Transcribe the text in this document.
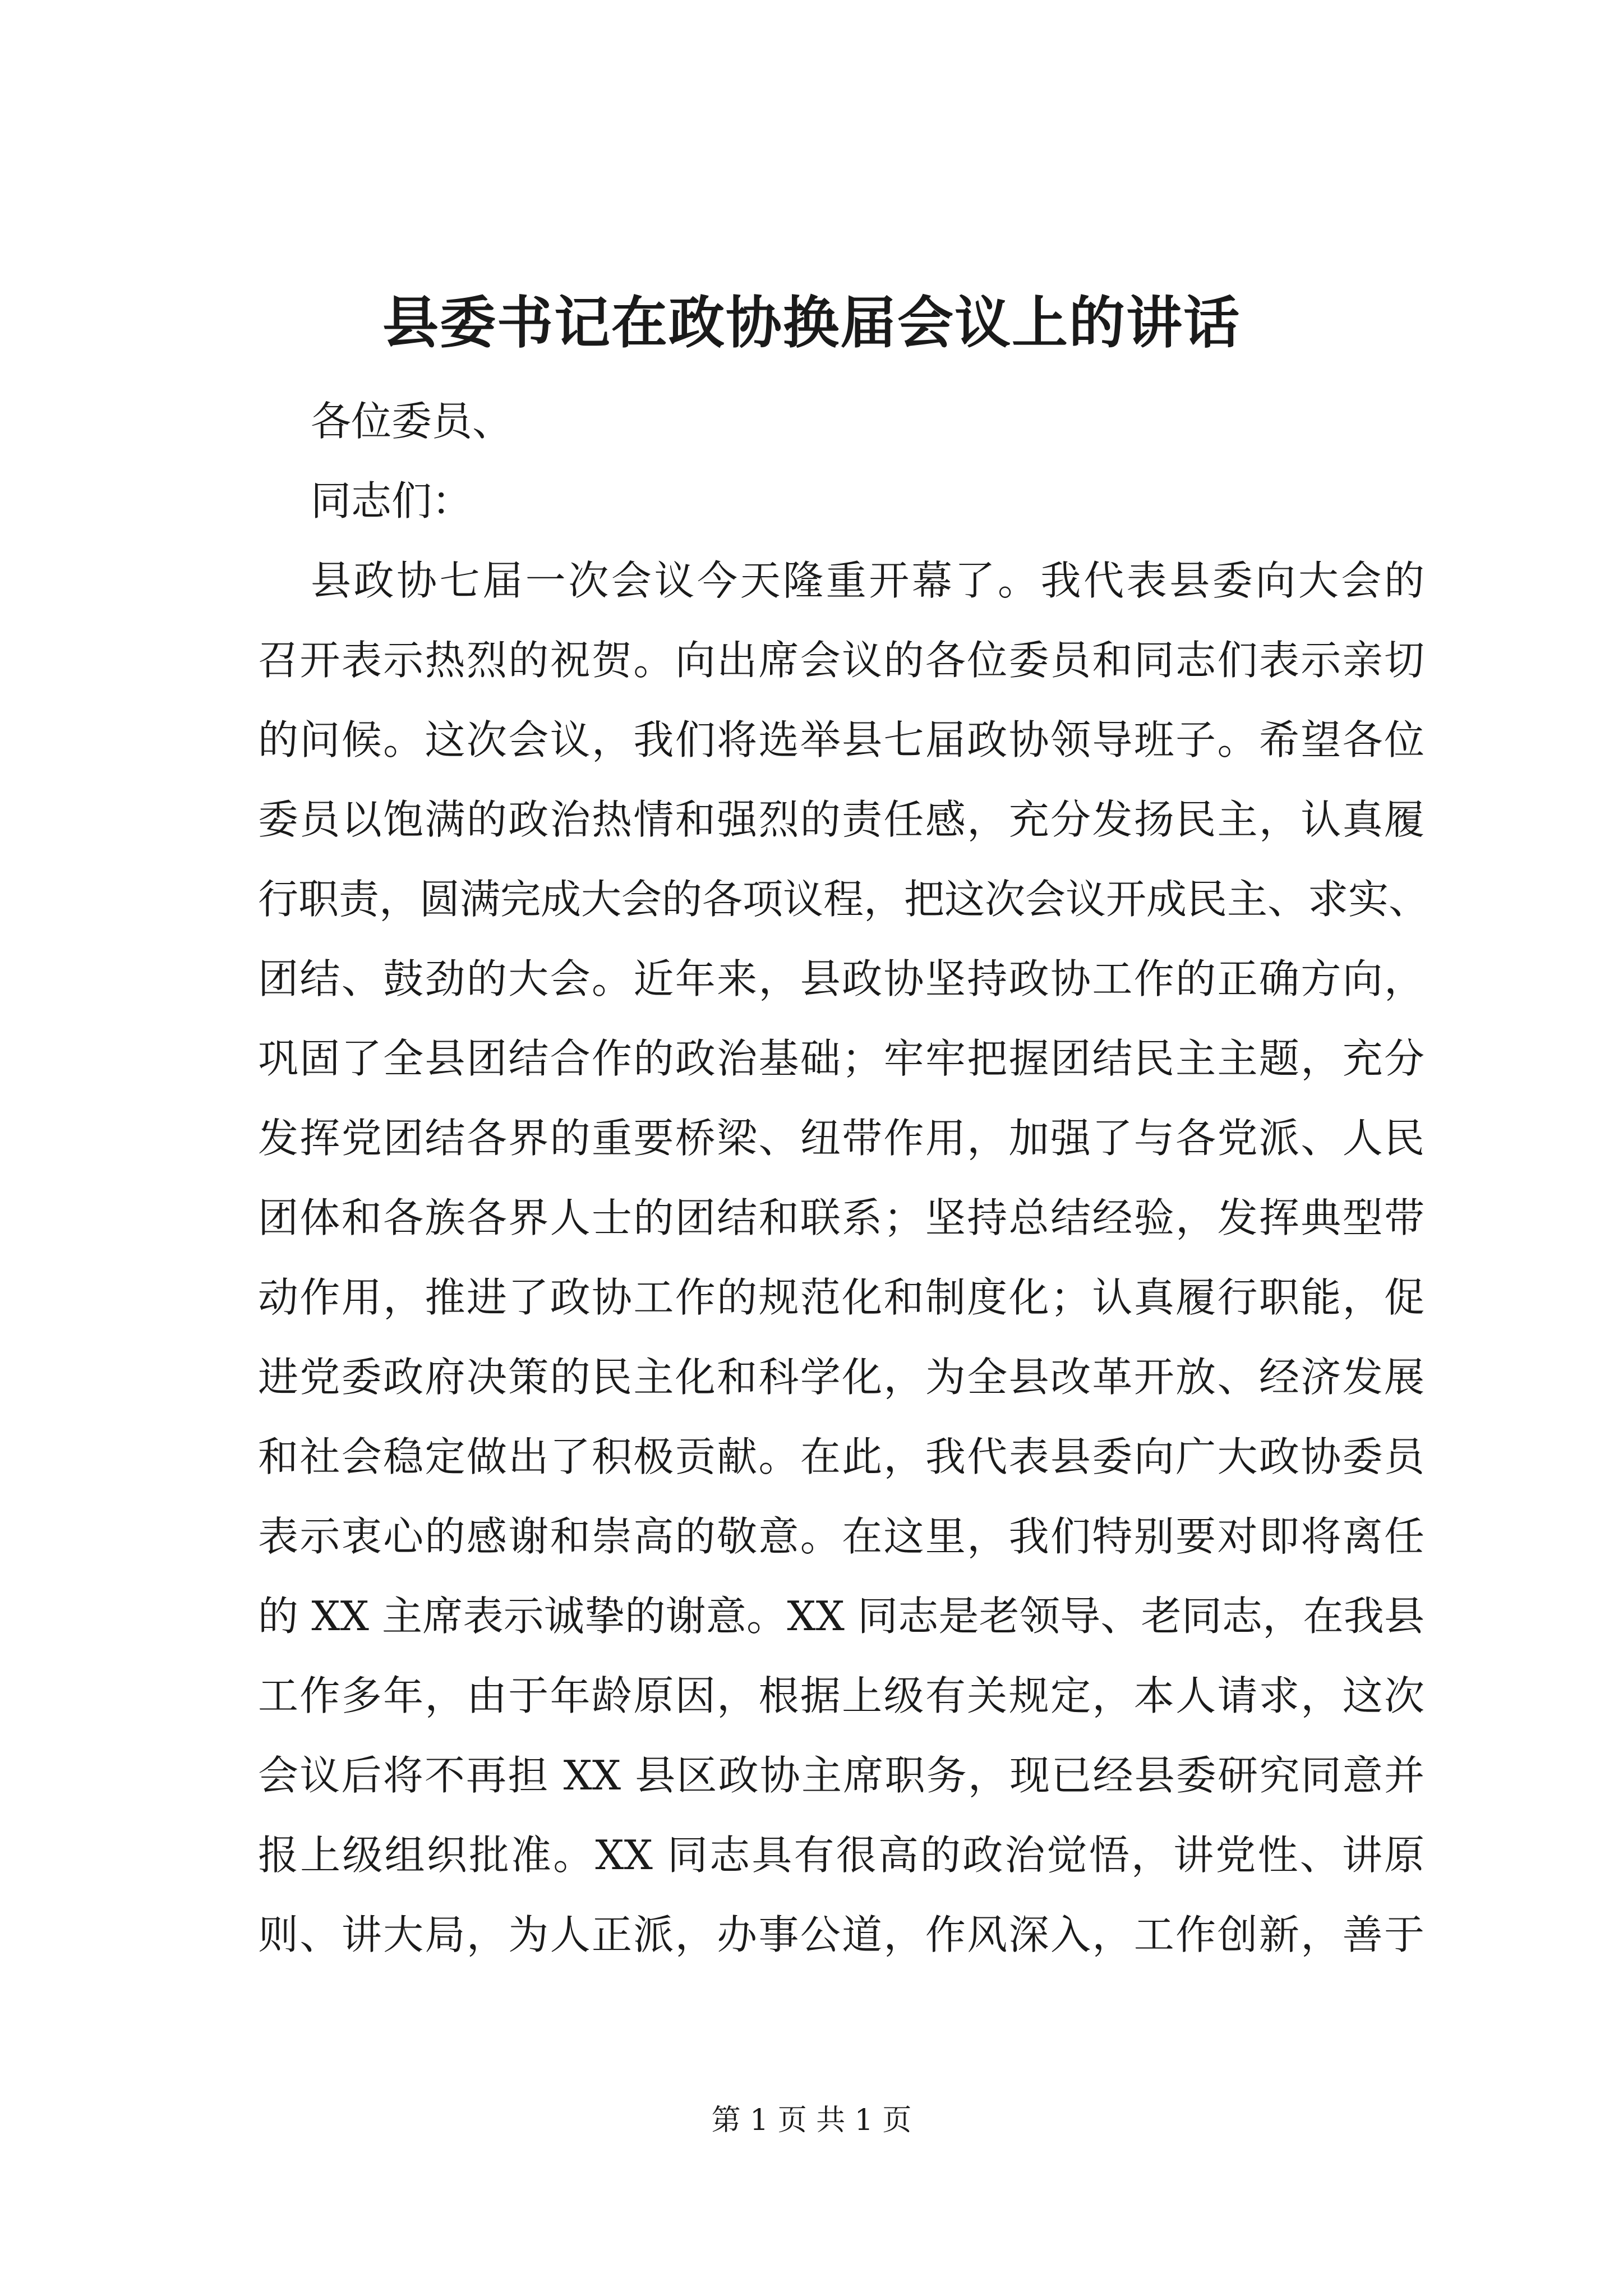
县委书记在政协换届会议上的讲话
各位委员、
同志们：
县政协七届一次会议今天隆重开幕了。我代表县委向大会的
召开表示热烈的祝贺。向出席会议的各位委员和同志们表示亲切
的问候。这次会议，我们将选举县七届政协领导班子。希望各位
委员以饱满的政治热情和强烈的责任感，充分发扬民主，认真履
行职责，圆满完成大会的各项议程，把这次会议开成民主、求实、
团结、鼓劲的大会。近年来，县政协坚持政协工作的正确方向，
巩固了全县团结合作的政治基础；牢牢把握团结民主主题，充分
发挥党团结各界的重要桥梁、纽带作用，加强了与各党派、人民
团体和各族各界人士的团结和联系；坚持总结经验，发挥典型带
动作用，推进了政协工作的规范化和制度化；认真履行职能，促
进党委政府决策的民主化和科学化，为全县改革开放、经济发展
和社会稳定做出了积极贡献。在此，我代表县委向广大政协委员
表示衷心的感谢和崇高的敬意。在这里，我们特别要对即将离任
的 XX 主席表示诚挚的谢意。XX 同志是老领导、老同志，在我县
工作多年，由于年龄原因，根据上级有关规定，本人请求，这次
会议后将不再担 XX 县区政协主席职务，现已经县委研究同意并
报上级组织批准。XX 同志具有很高的政治觉悟，讲党性、讲原
则、讲大局，为人正派，办事公道，作风深入，工作创新，善于
第 1 页 共 1 页
